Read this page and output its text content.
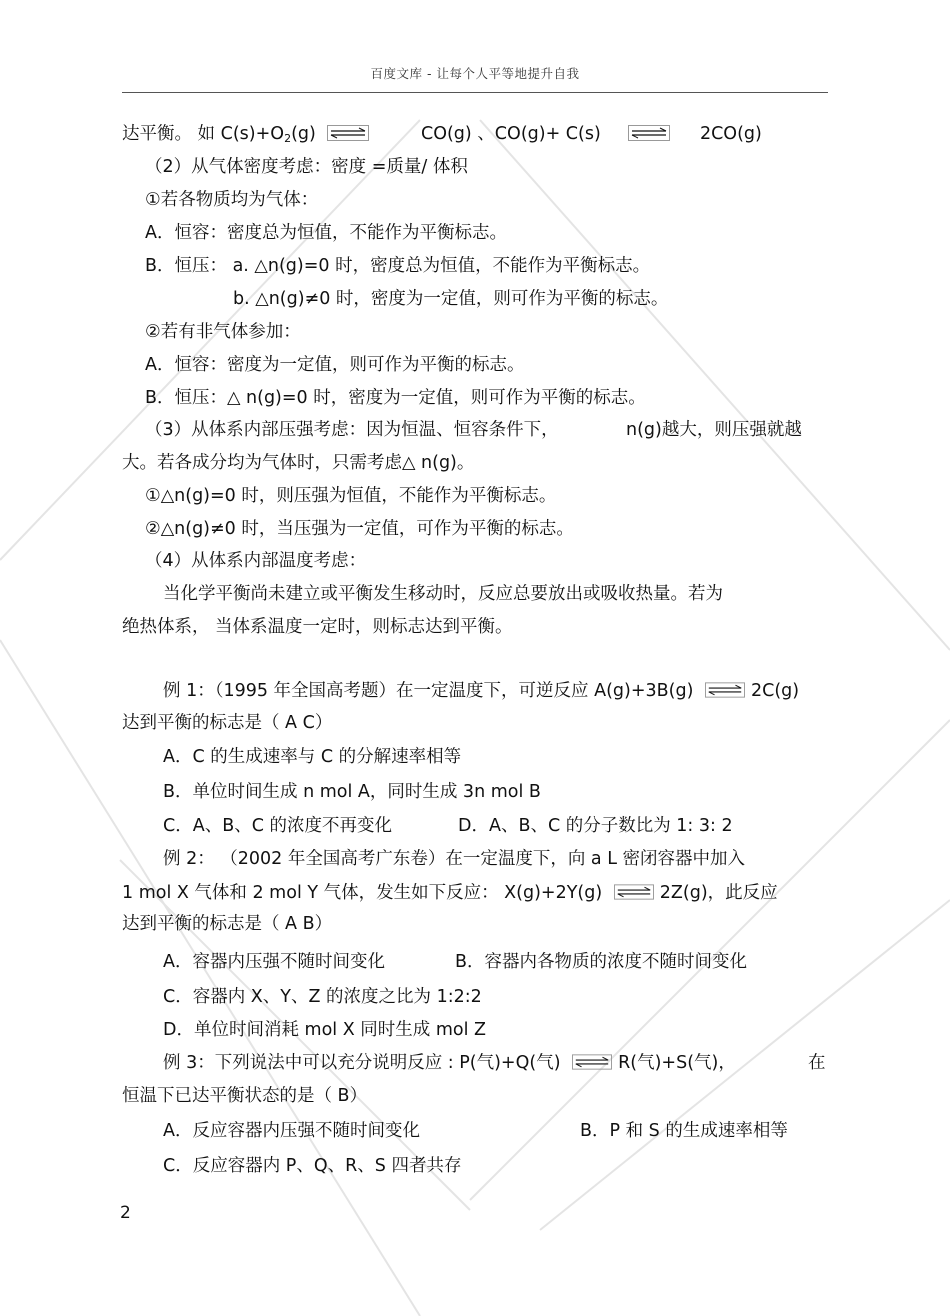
百度文库 - 让每个人平等地提升自我
达平衡。 如 $C(s)+O_2(g)$	CO(g) 、CO(g)+ C(s)	2CO(g)
（2）从气体密度考虑：密度 =质量/ 体积
①若各物质均为气体：
A．恒容：密度总为恒值，不能作为平衡标志。
B．恒压： a. △n(g)=0 时，密度总为恒值，不能作为平衡标志。
b. △n(g)≠0 时，密度为一定值，则可作为平衡的标志。
②若有非气体参加：
A．恒容：密度为一定值，则可作为平衡的标志。
B．恒压：△ n(g)=0 时，密度为一定值，则可作为平衡的标志。
（3）从体系内部压强考虑：因为恒温、恒容条件下，	n(g)越大，则压强就越
大。若各成分均为气体时，只需考虑△ n(g)。
①△n(g)=0 时，则压强为恒值，不能作为平衡标志。
②△n(g)≠0 时，当压强为一定值，可作为平衡的标志。
（4）从体系内部温度考虑：
当化学平衡尚未建立或平衡发生移动时，反应总要放出或吸收热量。若为
绝热体系， 当体系温度一定时，则标志达到平衡。
例 1：（1995 年全国高考题）在一定温度下，可逆反应 A(g)+3B(g)	2C(g)
达到平衡的标志是（ A C）
A．C 的生成速率与 C 的分解速率相等
B．单位时间生成 n mol A，同时生成 3n mol B
C．A、B、C 的浓度不再变化	D．A、B、C 的分子数比为 1: 3: 2
例 2： （2002 年全国高考广东卷）在一定温度下，向 a L 密闭容器中加入
1 mol X 气体和 2 mol Y 气体，发生如下反应： X(g)+2Y(g)	2Z(g)，此反应
达到平衡的标志是（ A B）
A．容器内压强不随时间变化	B．容器内各物质的浓度不随时间变化
C．容器内 X、Y、Z 的浓度之比为 1:2:2
D．单位时间消耗 mol X 同时生成 mol Z
例 3：下列说法中可以充分说明反应 : P(气)+Q(气)	R(气)+S(气)，	在
恒温下已达平衡状态的是（ B）
A．反应容器内压强不随时间变化	B．P 和 S 的生成速率相等
C．反应容器内 P、Q、R、S 四者共存
2
